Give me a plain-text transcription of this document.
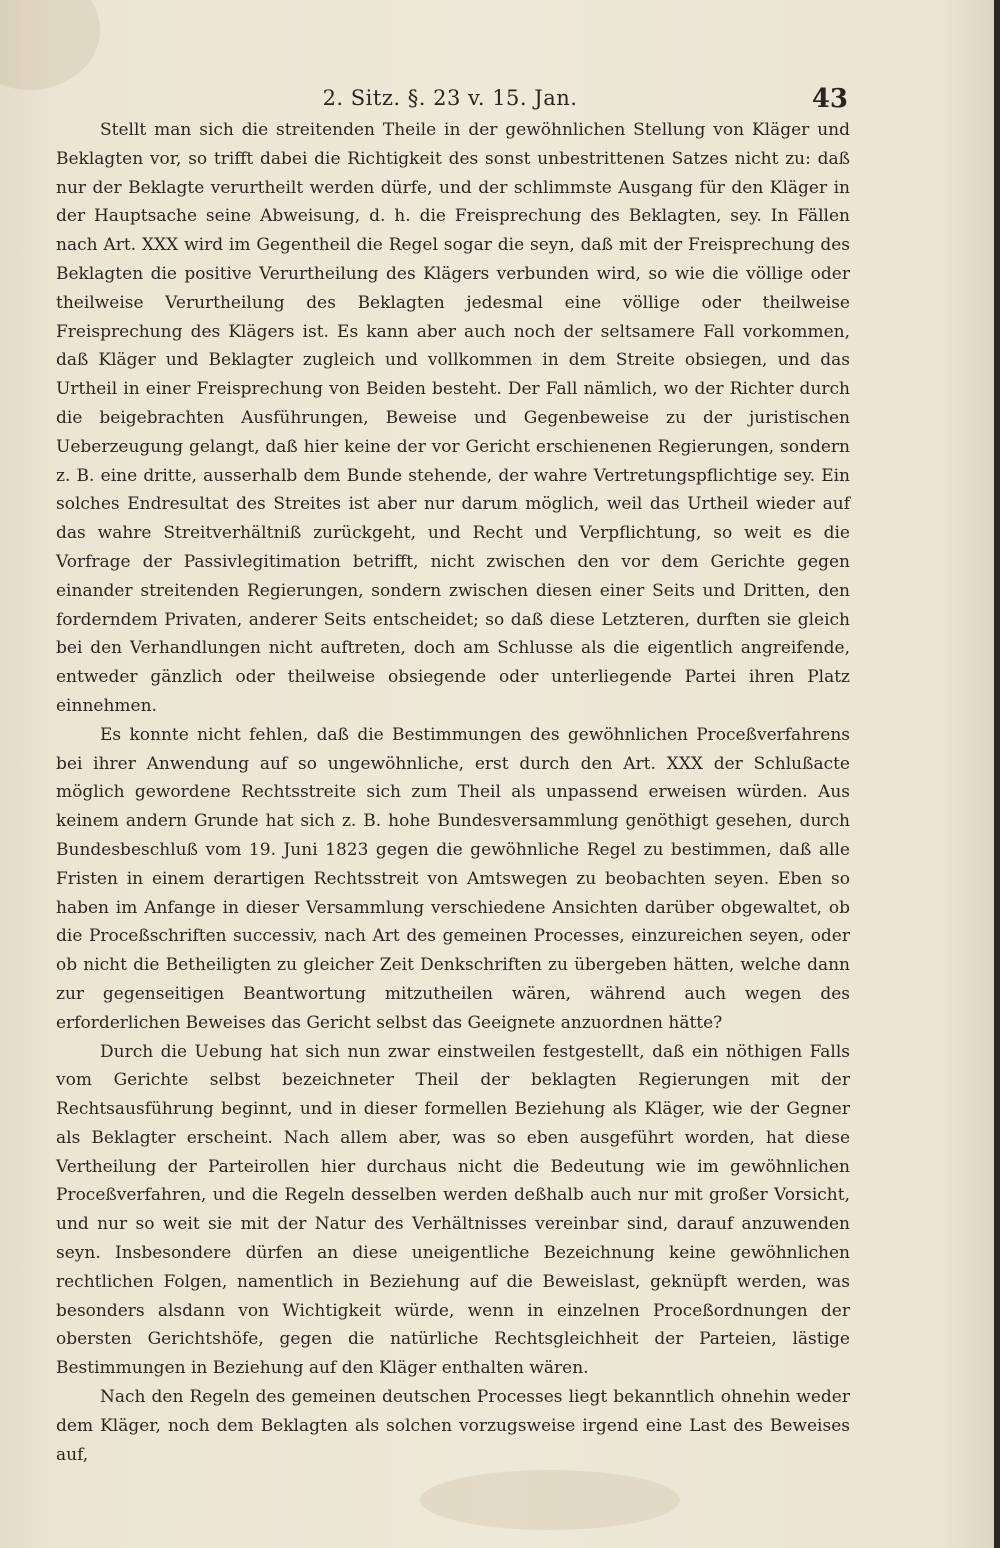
2. Sitz. §. 23 v. 15. Jan.	43

Stellt man sich die streitenden Theile in der gewöhnlichen Stellung von Kläger und Beklagten vor, so trifft dabei die Richtigkeit des sonst unbestrittenen Satzes nicht zu: daß nur der Beklagte verurtheilt werden dürfe, und der schlimmste Ausgang für den Kläger in der Hauptsache seine Abweisung, d. h. die Freisprechung des Beklagten, sey. In Fällen nach Art. XXX wird im Gegentheil die Regel sogar die seyn, daß mit der Freisprechung des Beklagten die positive Verurtheilung des Klägers verbunden wird, so wie die völlige oder theilweise Verurtheilung des Beklagten jedesmal eine völlige oder theilweise Freisprechung des Klägers ist. Es kann aber auch noch der seltsamere Fall vorkommen, daß Kläger und Beklagter zugleich und vollkommen in dem Streite obsiegen, und das Urtheil in einer Freisprechung von Beiden besteht. Der Fall nämlich, wo der Richter durch die beigebrachten Ausführungen, Beweise und Gegenbeweise zu der juristischen Ueberzeugung gelangt, daß hier keine der vor Gericht erschienenen Regierungen, sondern z. B. eine dritte, ausserhalb dem Bunde stehende, der wahre Vertretungspflichtige sey. Ein solches Endresultat des Streites ist aber nur darum möglich, weil das Urtheil wieder auf das wahre Streitverhältniß zurückgeht, und Recht und Verpflichtung, so weit es die Vorfrage der Passivlegitimation betrifft, nicht zwischen den vor dem Gerichte gegen einander streitenden Regierungen, sondern zwischen diesen einer Seits und Dritten, den forderndem Privaten, anderer Seits entscheidet; so daß diese Letzteren, durften sie gleich bei den Verhandlungen nicht auftreten, doch am Schlusse als die eigentlich angreifende, entweder gänzlich oder theilweise obsiegende oder unterliegende Partei ihren Platz einnehmen.

Es konnte nicht fehlen, daß die Bestimmungen des gewöhnlichen Proceßverfahrens bei ihrer Anwendung auf so ungewöhnliche, erst durch den Art. XXX der Schlußacte möglich gewordene Rechtsstreite sich zum Theil als unpassend erweisen würden. Aus keinem andern Grunde hat sich z. B. hohe Bundesversammlung genöthigt gesehen, durch Bundesbeschluß vom 19. Juni 1823 gegen die gewöhnliche Regel zu bestimmen, daß alle Fristen in einem derartigen Rechtsstreit von Amtswegen zu beobachten seyen. Eben so haben im Anfange in dieser Versammlung verschiedene Ansichten darüber obgewaltet, ob die Proceßschriften successiv, nach Art des gemeinen Processes, einzureichen seyen, oder ob nicht die Betheiligten zu gleicher Zeit Denkschriften zu übergeben hätten, welche dann zur gegenseitigen Beantwortung mitzutheilen wären, während auch wegen des erforderlichen Beweises das Gericht selbst das Geeignete anzuordnen hätte?

Durch die Uebung hat sich nun zwar einstweilen festgestellt, daß ein nöthigen Falls vom Gerichte selbst bezeichneter Theil der beklagten Regierungen mit der Rechtsausführung beginnt, und in dieser formellen Beziehung als Kläger, wie der Gegner als Beklagter erscheint. Nach allem aber, was so eben ausgeführt worden, hat diese Vertheilung der Parteirollen hier durchaus nicht die Bedeutung wie im gewöhnlichen Proceßverfahren, und die Regeln desselben werden deßhalb auch nur mit großer Vorsicht, und nur so weit sie mit der Natur des Verhältnisses vereinbar sind, darauf anzuwenden seyn. Insbesondere dürfen an diese uneigentliche Bezeichnung keine gewöhnlichen rechtlichen Folgen, namentlich in Beziehung auf die Beweislast, geknüpft werden, was besonders alsdann von Wichtigkeit würde, wenn in einzelnen Proceßordnungen der obersten Gerichtshöfe, gegen die natürliche Rechtsgleichheit der Parteien, lästige Bestimmungen in Beziehung auf den Kläger enthalten wären.

Nach den Regeln des gemeinen deutschen Processes liegt bekanntlich ohnehin weder dem Kläger, noch dem Beklagten als solchen vorzugsweise irgend eine Last des Beweises auf,
